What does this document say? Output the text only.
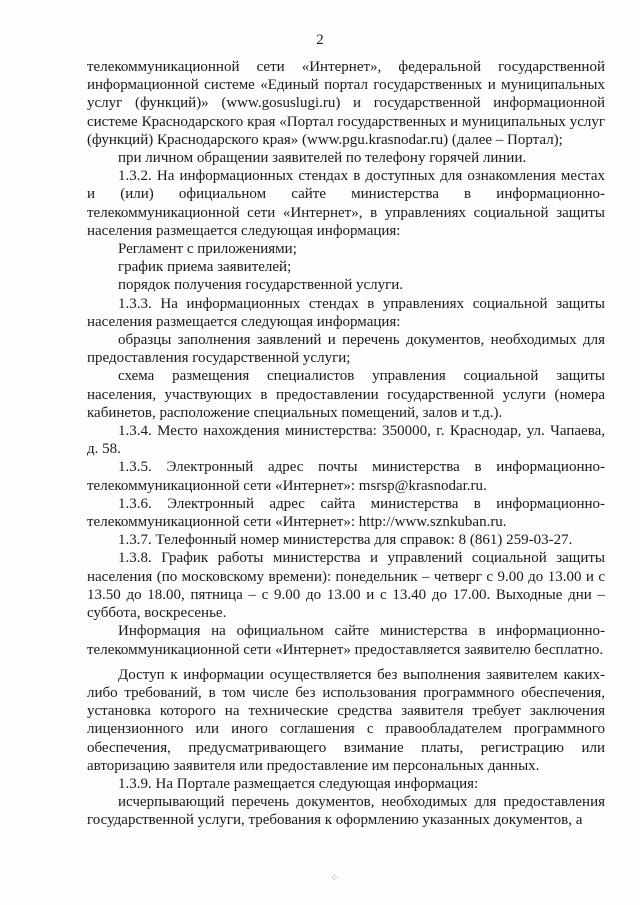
2

телекоммуникационной сети «Интернет», федеральной государственной информационной системе «Единый портал государственных и муниципальных услуг (функций)» (www.gosuslugi.ru) и государственной информационной системе Краснодарского края «Портал государственных и муниципальных услуг (функций) Краснодарского края» (www.pgu.krasnodar.ru) (далее – Портал);

при личном обращении заявителей по телефону горячей линии.

1.3.2. На информационных стендах в доступных для ознакомления местах и (или) официальном сайте министерства в информационно-телекоммуникационной сети «Интернет», в управлениях социальной защиты населения размещается следующая информация:

Регламент с приложениями;

график приема заявителей;

порядок получения государственной услуги.

1.3.3. На информационных стендах в управлениях социальной защиты населения размещается следующая информация:

образцы заполнения заявлений и перечень документов, необходимых для предоставления государственной услуги;

схема размещения специалистов управления социальной защиты населения, участвующих в предоставлении государственной услуги (номера кабинетов, расположение специальных помещений, залов и т.д.).

1.3.4. Место нахождения министерства: 350000, г. Краснодар, ул. Чапаева, д. 58.

1.3.5. Электронный адрес почты министерства в информационно-телекоммуникационной сети «Интернет»: msrsp@krasnodar.ru.

1.3.6. Электронный адрес сайта министерства в информационно-телекоммуникационной сети «Интернет»: http://www.sznkuban.ru.

1.3.7. Телефонный номер министерства для справок: 8 (861) 259-03-27.

1.3.8. График работы министерства и управлений социальной защиты населения (по московскому времени): понедельник – четверг с 9.00 до 13.00 и с 13.50 до 18.00, пятница – с 9.00 до 13.00 и с 13.40 до 17.00. Выходные дни – суббота, воскресенье.

Информация на официальном сайте министерства в информационно-телекоммуникационной сети «Интернет» предоставляется заявителю бесплатно.

Доступ к информации осуществляется без выполнения заявителем каких-либо требований, в том числе без использования программного обеспечения, установка которого на технические средства заявителя требует заключения лицензионного или иного соглашения с правообладателем программного обеспечения, предусматривающего взимание платы, регистрацию или авторизацию заявителя или предоставление им персональных данных.

1.3.9. На Портале размещается следующая информация:

исчерпывающий перечень документов, необходимых для предоставления государственной услуги, требования к оформлению указанных документов, а

⁘
